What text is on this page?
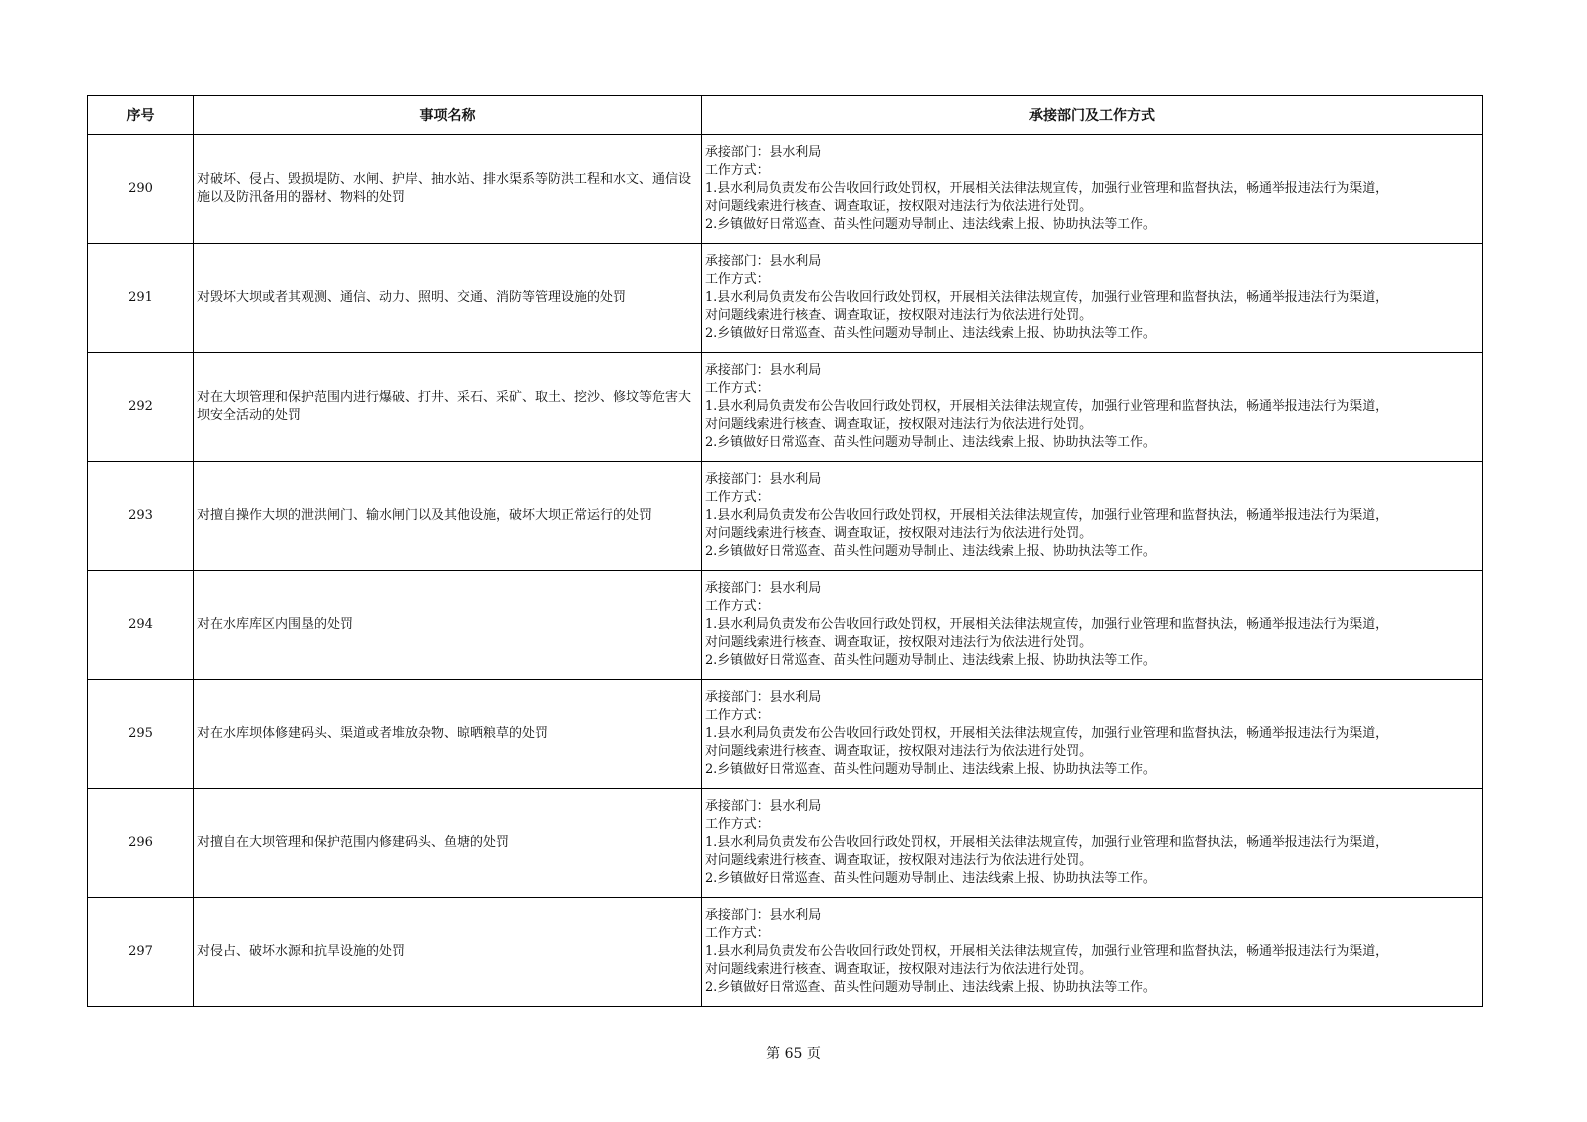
序号	事项名称	承接部门及工作方式
290	对破坏、侵占、毁损堤防、水闸、护岸、抽水站、排水渠系等防洪工程和水文、通信设施以及防汛备用的器材、物料的处罚	承接部门：县水利局
工作方式：
1.县水利局负责发布公告收回行政处罚权，开展相关法律法规宣传，加强行业管理和监督执法，畅通举报违法行为渠道，
对问题线索进行核查、调查取证，按权限对违法行为依法进行处罚。
2.乡镇做好日常巡查、苗头性问题劝导制止、违法线索上报、协助执法等工作。

291	对毁坏大坝或者其观测、通信、动力、照明、交通、消防等管理设施的处罚	承接部门：县水利局
工作方式：
1.县水利局负责发布公告收回行政处罚权，开展相关法律法规宣传，加强行业管理和监督执法，畅通举报违法行为渠道，
对问题线索进行核查、调查取证，按权限对违法行为依法进行处罚。
2.乡镇做好日常巡查、苗头性问题劝导制止、违法线索上报、协助执法等工作。

292	对在大坝管理和保护范围内进行爆破、打井、采石、采矿、取土、挖沙、修坟等危害大坝安全活动的处罚	承接部门：县水利局
工作方式：
1.县水利局负责发布公告收回行政处罚权，开展相关法律法规宣传，加强行业管理和监督执法，畅通举报违法行为渠道，
对问题线索进行核查、调查取证，按权限对违法行为依法进行处罚。
2.乡镇做好日常巡查、苗头性问题劝导制止、违法线索上报、协助执法等工作。

293	对擅自操作大坝的泄洪闸门、输水闸门以及其他设施，破坏大坝正常运行的处罚	承接部门：县水利局
工作方式：
1.县水利局负责发布公告收回行政处罚权，开展相关法律法规宣传，加强行业管理和监督执法，畅通举报违法行为渠道，
对问题线索进行核查、调查取证，按权限对违法行为依法进行处罚。
2.乡镇做好日常巡查、苗头性问题劝导制止、违法线索上报、协助执法等工作。

294	对在水库库区内围垦的处罚	承接部门：县水利局
工作方式：
1.县水利局负责发布公告收回行政处罚权，开展相关法律法规宣传，加强行业管理和监督执法，畅通举报违法行为渠道，
对问题线索进行核查、调查取证，按权限对违法行为依法进行处罚。
2.乡镇做好日常巡查、苗头性问题劝导制止、违法线索上报、协助执法等工作。

295	对在水库坝体修建码头、渠道或者堆放杂物、晾晒粮草的处罚	承接部门：县水利局
工作方式：
1.县水利局负责发布公告收回行政处罚权，开展相关法律法规宣传，加强行业管理和监督执法，畅通举报违法行为渠道，
对问题线索进行核查、调查取证，按权限对违法行为依法进行处罚。
2.乡镇做好日常巡查、苗头性问题劝导制止、违法线索上报、协助执法等工作。

296	对擅自在大坝管理和保护范围内修建码头、鱼塘的处罚	承接部门：县水利局
工作方式：
1.县水利局负责发布公告收回行政处罚权，开展相关法律法规宣传，加强行业管理和监督执法，畅通举报违法行为渠道，
对问题线索进行核查、调查取证，按权限对违法行为依法进行处罚。
2.乡镇做好日常巡查、苗头性问题劝导制止、违法线索上报、协助执法等工作。

297	对侵占、破坏水源和抗旱设施的处罚	承接部门：县水利局
工作方式：
1.县水利局负责发布公告收回行政处罚权，开展相关法律法规宣传，加强行业管理和监督执法，畅通举报违法行为渠道，
对问题线索进行核查、调查取证，按权限对违法行为依法进行处罚。
2.乡镇做好日常巡查、苗头性问题劝导制止、违法线索上报、协助执法等工作。
第 65 页
